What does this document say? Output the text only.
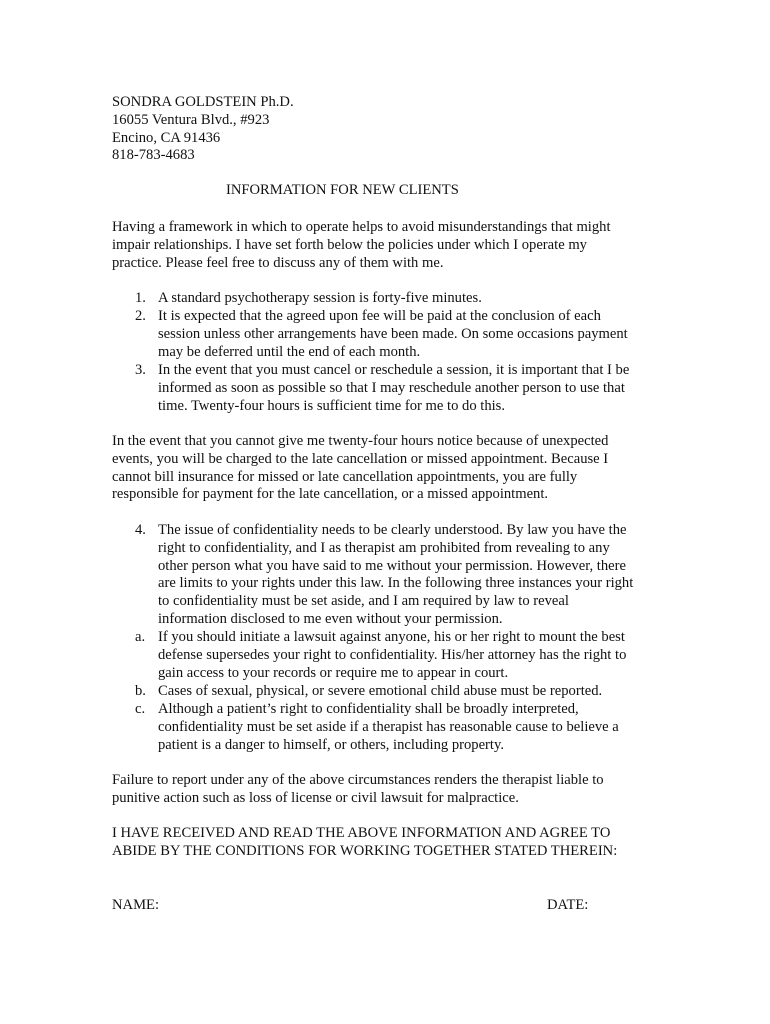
SONDRA GOLDSTEIN Ph.D.
16055 Ventura Blvd., #923
Encino, CA 91436
818-783-4683
INFORMATION FOR NEW CLIENTS
Having a framework in which to operate helps to avoid misunderstandings that might
impair relationships. I have set forth below the policies under which I operate my
practice. Please feel free to discuss any of them with me.
1. A standard psychotherapy session is forty-five minutes.
2. It is expected that the agreed upon fee will be paid at the conclusion of each
session unless other arrangements have been made. On some occasions payment
may be deferred until the end of each month.
3. In the event that you must cancel or reschedule a session, it is important that I be
informed as soon as possible so that I may reschedule another person to use that
time. Twenty-four hours is sufficient time for me to do this.
In the event that you cannot give me twenty-four hours notice because of unexpected
events, you will be charged to the late cancellation or missed appointment. Because I
cannot bill insurance for missed or late cancellation appointments, you are fully
responsible for payment for the late cancellation, or a missed appointment.
4. The issue of confidentiality needs to be clearly understood. By law you have the
right to confidentiality, and I as therapist am prohibited from revealing to any
other person what you have said to me without your permission. However, there
are limits to your rights under this law. In the following three instances your right
to confidentiality must be set aside, and I am required by law to reveal
information disclosed to me even without your permission.
a. If you should initiate a lawsuit against anyone, his or her right to mount the best
defense supersedes your right to confidentiality. His/her attorney has the right to
gain access to your records or require me to appear in court.
b. Cases of sexual, physical, or severe emotional child abuse must be reported.
c. Although a patient’s right to confidentiality shall be broadly interpreted,
confidentiality must be set aside if a therapist has reasonable cause to believe a
patient is a danger to himself, or others, including property.
Failure to report under any of the above circumstances renders the therapist liable to
punitive action such as loss of license or civil lawsuit for malpractice.
I HAVE RECEIVED AND READ THE ABOVE INFORMATION AND AGREE TO
ABIDE BY THE CONDITIONS FOR WORKING TOGETHER STATED THEREIN:
NAME:	DATE:
